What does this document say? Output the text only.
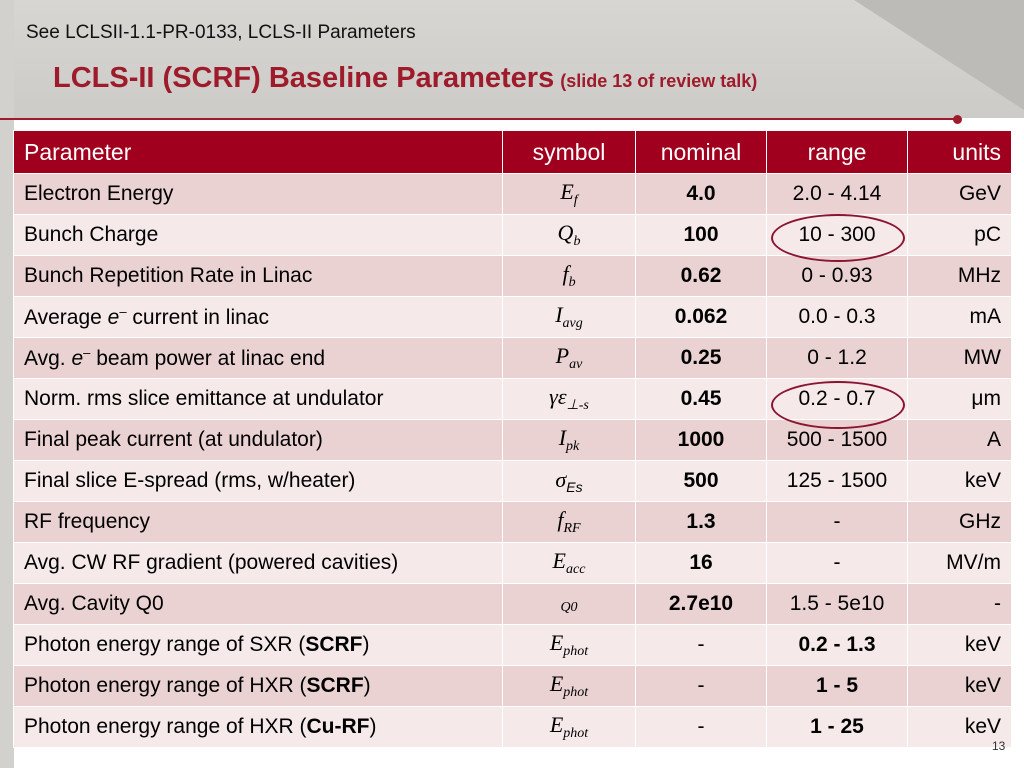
See LCLSII-1.1-PR-0133, LCLS-II Parameters
LCLS-II (SCRF) Baseline Parameters (slide 13 of review talk)
Parameter	symbol	nominal	range	units
Electron Energy	$E_f$	4.0	2.0 - 4.14	GeV
Bunch Charge	$Q_b$	100	10 - 300	pC
Bunch Repetition Rate in Linac	$f_b$	0.62	0 - 0.93	MHz
Average e– current in linac	$I_{avg}$	0.062	0.0 - 0.3	mA
Avg. e– beam power at linac end	$P_{av}$	0.25	0 - 1.2	MW
Norm. rms slice emittance at undulator	$\gamma\varepsilon_{\perp-s}$	0.45	0.2 - 0.7	μm
Final peak current (at undulator)	$I_{pk}$	1000	500 - 1500	A
Final slice E-spread (rms, w/heater)	$\sigma_{Es}$	500	125 - 1500	keV
RF frequency	$f_{RF}$	1.3	-	GHz
Avg. CW RF gradient (powered cavities)	$E_{acc}$	16	-	MV/m
Avg. Cavity Q0	Q0	2.7e10	1.5 - 5e10	-
Photon energy range of SXR (SCRF)	$E_{phot}$	-	0.2 - 1.3	keV
Photon energy range of HXR (SCRF)	$E_{phot}$	-	1 - 5	keV
Photon energy range of HXR (Cu-RF)	$E_{phot}$	-	1 - 25	keV
13
